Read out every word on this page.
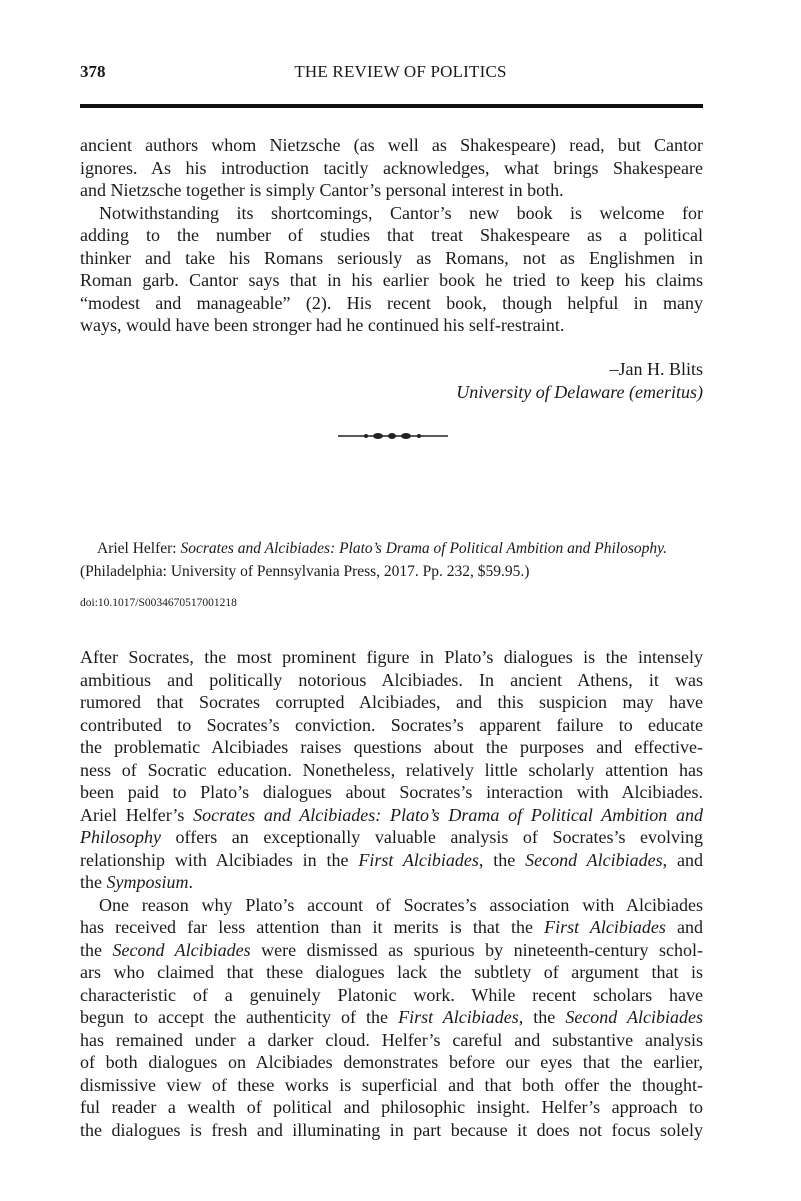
378	THE REVIEW OF POLITICS
ancient authors whom Nietzsche (as well as Shakespeare) read, but Cantor
ignores. As his introduction tacitly acknowledges, what brings Shakespeare
and Nietzsche together is simply Cantor’s personal interest in both.
Notwithstanding its shortcomings, Cantor’s new book is welcome for
adding to the number of studies that treat Shakespeare as a political
thinker and take his Romans seriously as Romans, not as Englishmen in
Roman garb. Cantor says that in his earlier book he tried to keep his claims
“modest and manageable” (2). His recent book, though helpful in many
ways, would have been stronger had he continued his self-restraint.
–Jan H. Blits
University of Delaware (emeritus)
Ariel Helfer: Socrates and Alcibiades: Plato’s Drama of Political Ambition and Philosophy.
(Philadelphia: University of Pennsylvania Press, 2017. Pp. 232, $59.95.)
doi:10.1017/S0034670517001218
After Socrates, the most prominent figure in Plato’s dialogues is the intensely
ambitious and politically notorious Alcibiades. In ancient Athens, it was
rumored that Socrates corrupted Alcibiades, and this suspicion may have
contributed to Socrates’s conviction. Socrates’s apparent failure to educate
the problematic Alcibiades raises questions about the purposes and effective-
ness of Socratic education. Nonetheless, relatively little scholarly attention has
been paid to Plato’s dialogues about Socrates’s interaction with Alcibiades.
Ariel Helfer’s Socrates and Alcibiades: Plato’s Drama of Political Ambition and
Philosophy offers an exceptionally valuable analysis of Socrates’s evolving
relationship with Alcibiades in the First Alcibiades, the Second Alcibiades, and
the Symposium.
One reason why Plato’s account of Socrates’s association with Alcibiades
has received far less attention than it merits is that the First Alcibiades and
the Second Alcibiades were dismissed as spurious by nineteenth-century schol-
ars who claimed that these dialogues lack the subtlety of argument that is
characteristic of a genuinely Platonic work. While recent scholars have
begun to accept the authenticity of the First Alcibiades, the Second Alcibiades
has remained under a darker cloud. Helfer’s careful and substantive analysis
of both dialogues on Alcibiades demonstrates before our eyes that the earlier,
dismissive view of these works is superficial and that both offer the thought-
ful reader a wealth of political and philosophic insight. Helfer’s approach to
the dialogues is fresh and illuminating in part because it does not focus solely
